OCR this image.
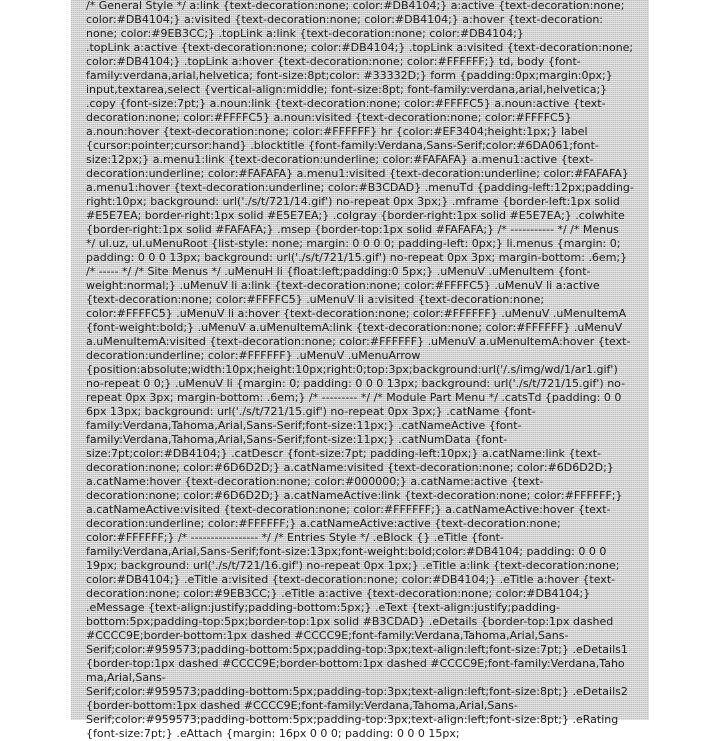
/* General Style */ a:link {text-decoration:none; color:#DB4104;} a:active {text-decoration:none;
color:#DB4104;} a:visited {text-decoration:none; color:#DB4104;} a:hover {text-decoration:
none; color:#9EB3CC;} .topLink a:link {text-decoration:none; color:#DB4104;}
.topLink a:active {text-decoration:none; color:#DB4104;} .topLink a:visited {text-decoration:none;
color:#DB4104;} .topLink a:hover {text-decoration:none; color:#FFFFFF;} td, body {font-
family:verdana,arial,helvetica; font-size:8pt;color: #33332D;} form {padding:0px;margin:0px;}
input,textarea,select {vertical-align:middle; font-size:8pt; font-family:verdana,arial,helvetica;}
.copy {font-size:7pt;} a.noun:link {text-decoration:none; color:#FFFFC5} a.noun:active {text-
decoration:none; color:#FFFFC5} a.noun:visited {text-decoration:none; color:#FFFFC5}
a.noun:hover {text-decoration:none; color:#FFFFFF} hr {color:#EF3404;height:1px;} label
{cursor:pointer;cursor:hand} .blocktitle {font-family:Verdana,Sans-Serif;color:#6DA061;font-
size:12px;} a.menu1:link {text-decoration:underline; color:#FAFAFA} a.menu1:active {text-
decoration:underline; color:#FAFAFA} a.menu1:visited {text-decoration:underline; color:#FAFAFA}
a.menu1:hover {text-decoration:underline; color:#B3CDAD} .menuTd {padding-left:12px;padding-
right:10px; background: url('./s/t/721/14.gif') no-repeat 0px 3px;} .mframe {border-left:1px solid
#E5E7EA; border-right:1px solid #E5E7EA;} .colgray {border-right:1px solid #E5E7EA;} .colwhite
{border-right:1px solid #FAFAFA;} .msep {border-top:1px solid #FAFAFA;} /* ----------- */ /* Menus
*/ ul.uz, ul.uMenuRoot {list-style: none; margin: 0 0 0 0; padding-left: 0px;} li.menus {margin: 0;
padding: 0 0 0 13px; background: url('./s/t/721/15.gif') no-repeat 0px 3px; margin-bottom: .6em;}
/* ----- */ /* Site Menus */ .uMenuH li {float:left;padding:0 5px;} .uMenuV .uMenuItem {font-
weight:normal;} .uMenuV li a:link {text-decoration:none; color:#FFFFC5} .uMenuV li a:active
{text-decoration:none; color:#FFFFC5} .uMenuV li a:visited {text-decoration:none;
color:#FFFFC5} .uMenuV li a:hover {text-decoration:none; color:#FFFFFF} .uMenuV .uMenuItemA
{font-weight:bold;} .uMenuV a.uMenuItemA:link {text-decoration:none; color:#FFFFFF} .uMenuV
a.uMenuItemA:visited {text-decoration:none; color:#FFFFFF} .uMenuV a.uMenuItemA:hover {text-
decoration:underline; color:#FFFFFF} .uMenuV .uMenuArrow
{position:absolute;width:10px;height:10px;right:0;top:3px;background:url('/.s/img/wd/1/ar1.gif')
no-repeat 0 0;} .uMenuV li {margin: 0; padding: 0 0 0 13px; background: url('./s/t/721/15.gif') no-
repeat 0px 3px; margin-bottom: .6em;} /* --------- */ /* Module Part Menu */ .catsTd {padding: 0 0
6px 13px; background: url('./s/t/721/15.gif') no-repeat 0px 3px;} .catName {font-
family:Verdana,Tahoma,Arial,Sans-Serif;font-size:11px;} .catNameActive {font-
family:Verdana,Tahoma,Arial,Sans-Serif;font-size:11px;} .catNumData {font-
size:7pt;color:#DB4104;} .catDescr {font-size:7pt; padding-left:10px;} a.catName:link {text-
decoration:none; color:#6D6D2D;} a.catName:visited {text-decoration:none; color:#6D6D2D;}
a.catName:hover {text-decoration:none; color:#000000;} a.catName:active {text-
decoration:none; color:#6D6D2D;} a.catNameActive:link {text-decoration:none; color:#FFFFFF;}
a.catNameActive:visited {text-decoration:none; color:#FFFFFF;} a.catNameActive:hover {text-
decoration:underline; color:#FFFFFF;} a.catNameActive:active {text-decoration:none;
color:#FFFFFF;} /* ----------------- */ /* Entries Style */ .eBlock {} .eTitle {font-
family:Verdana,Arial,Sans-Serif;font-size:13px;font-weight:bold;color:#DB4104; padding: 0 0 0
19px; background: url('./s/t/721/16.gif') no-repeat 0px 1px;} .eTitle a:link {text-decoration:none;
color:#DB4104;} .eTitle a:visited {text-decoration:none; color:#DB4104;} .eTitle a:hover {text-
decoration:none; color:#9EB3CC;} .eTitle a:active {text-decoration:none; color:#DB4104;}
.eMessage {text-align:justify;padding-bottom:5px;} .eText {text-align:justify;padding-
bottom:5px;padding-top:5px;border-top:1px solid #B3CDAD} .eDetails {border-top:1px dashed
#CCCC9E;border-bottom:1px dashed #CCCC9E;font-family:Verdana,Tahoma,Arial,Sans-
Serif;color:#959573;padding-bottom:5px;padding-top:3px;text-align:left;font-size:7pt;} .eDetails1
{border-top:1px dashed #CCCC9E;border-bottom:1px dashed #CCCC9E;font-family:Verdana,Tahoma,Arial,Sans-
Serif;color:#959573;padding-bottom:5px;padding-top:3px;text-align:left;font-size:8pt;} .eDetails2
{border-bottom:1px dashed #CCCC9E;font-family:Verdana,Tahoma,Arial,Sans-
Serif;color:#959573;padding-bottom:5px;padding-top:3px;text-align:left;font-size:8pt;} .eRating
{font-size:7pt;} .eAttach {margin: 16px 0 0 0; padding: 0 0 0 15px;
